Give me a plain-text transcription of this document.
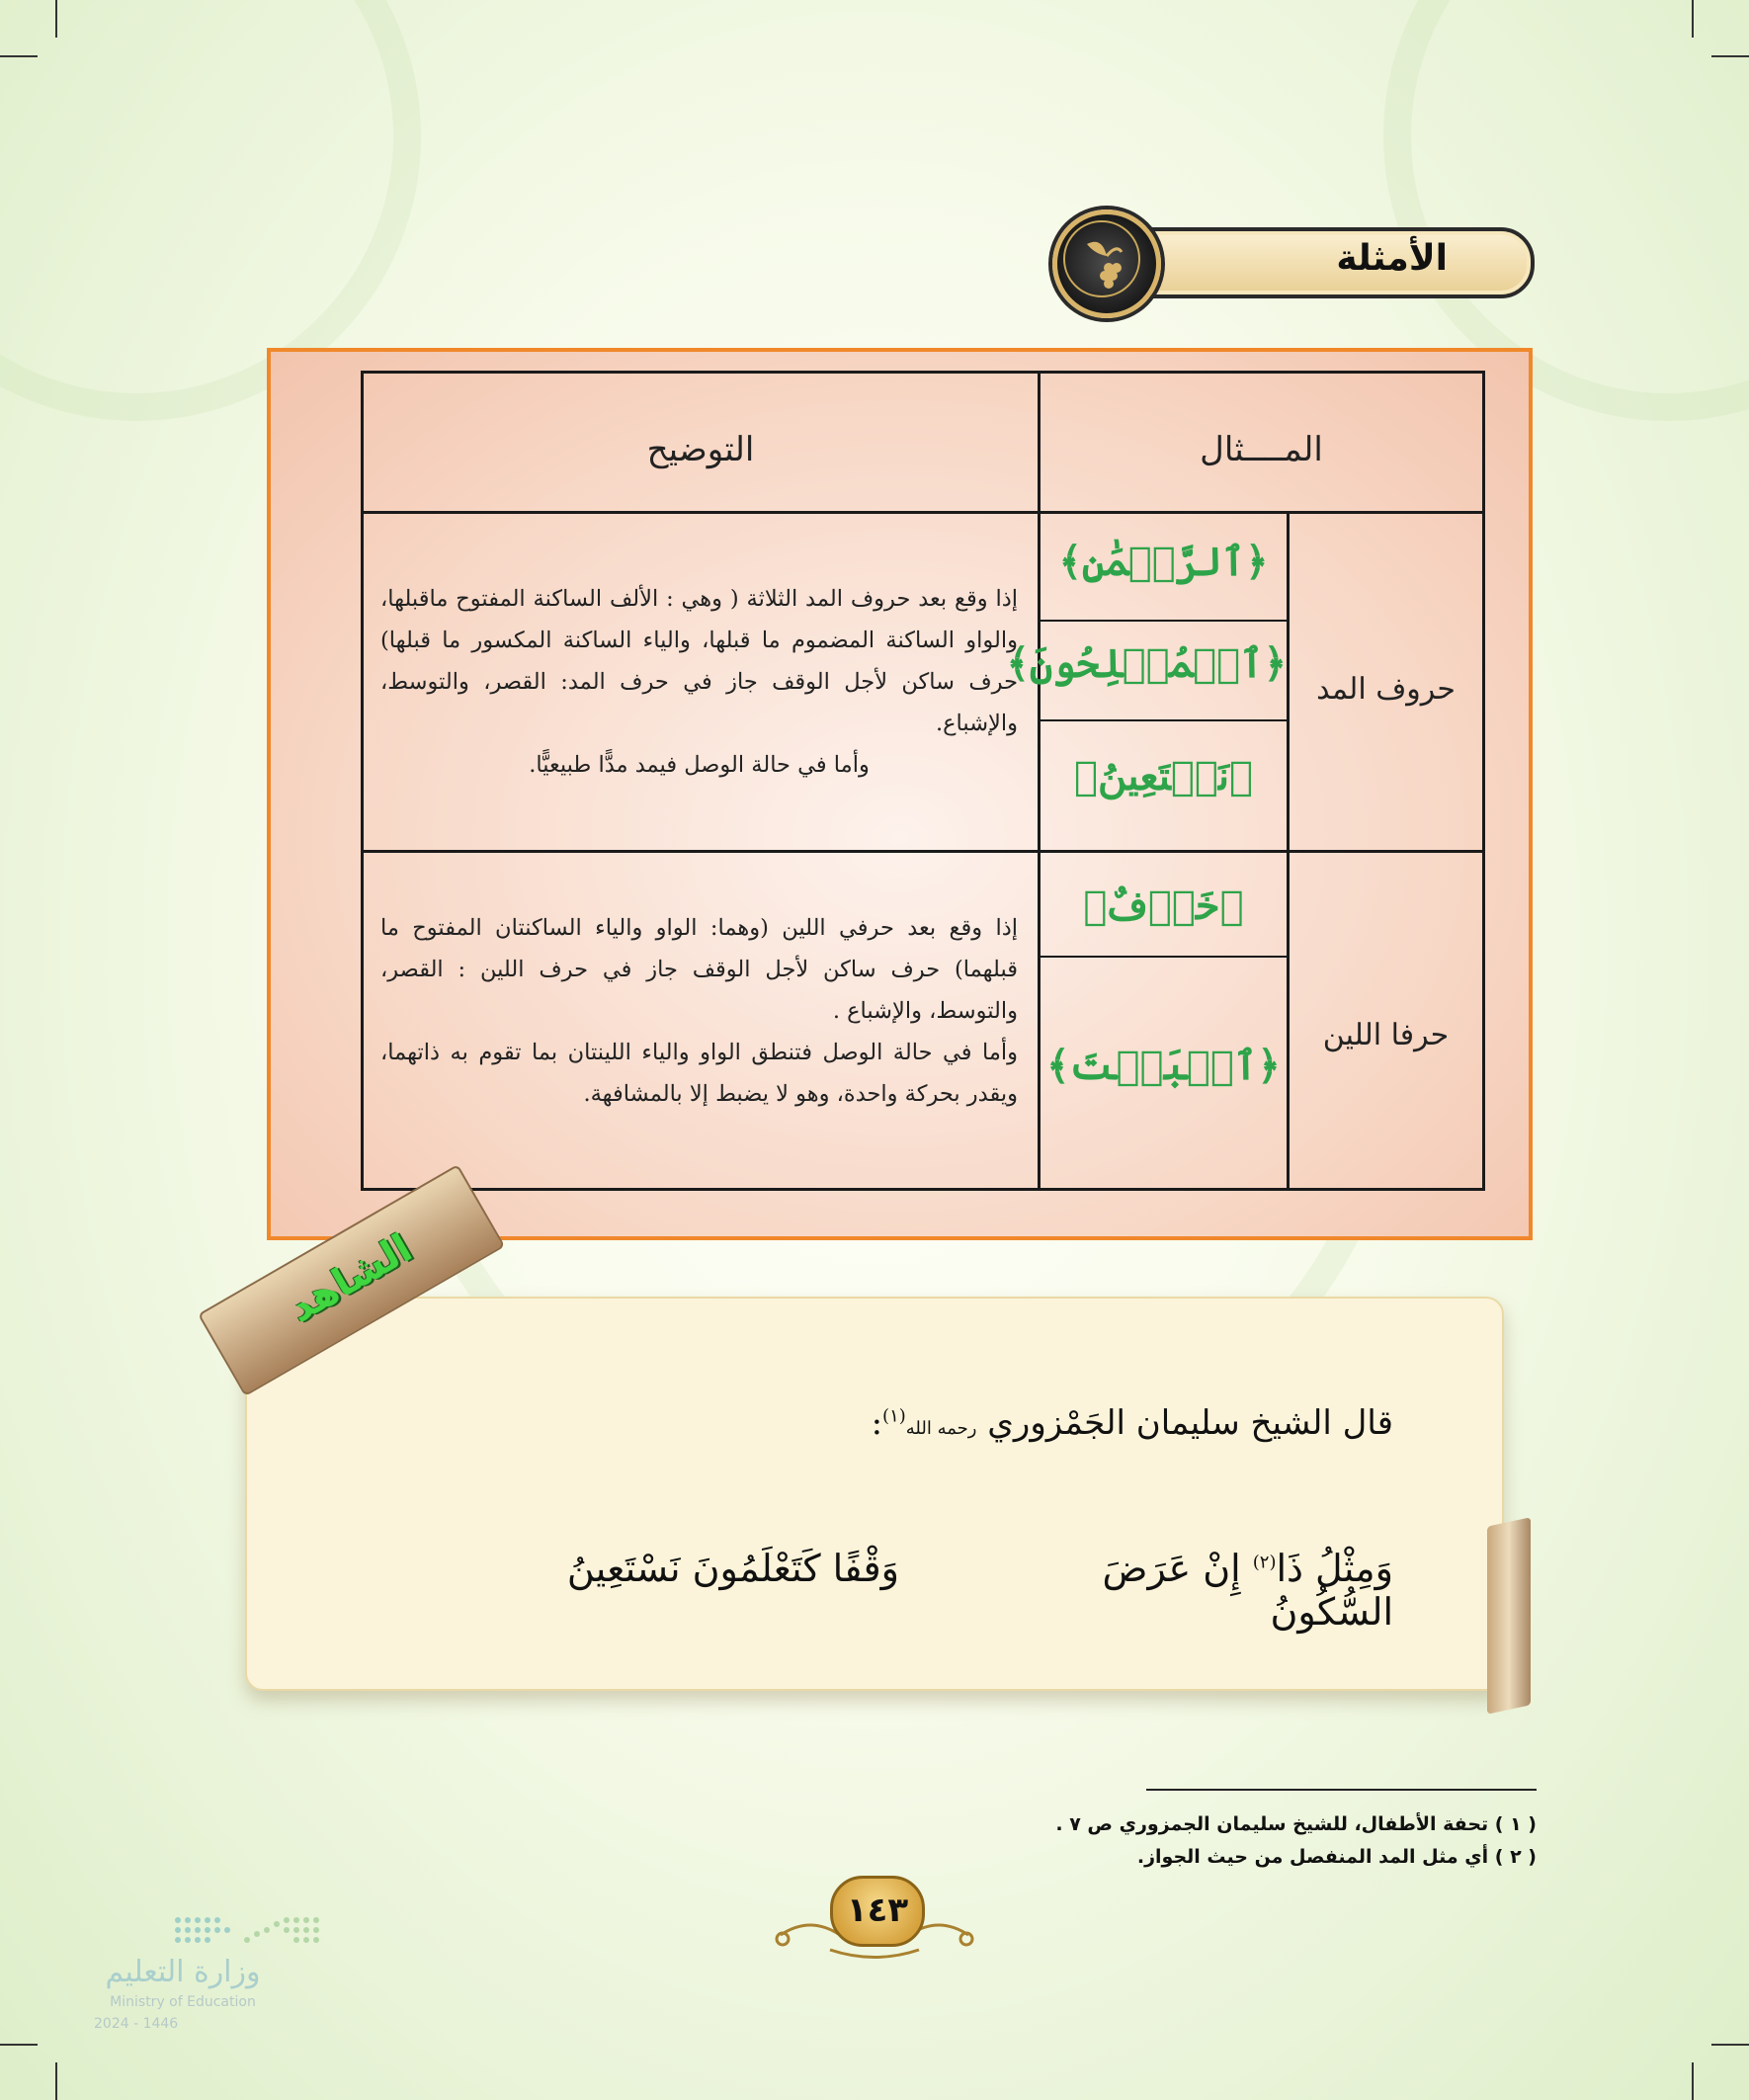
الأمثلة
المــــثال
التوضيح
حروف المد
﴿ٱلرَّحۡمَٰنِ﴾
﴿ٱلۡمُفۡلِحُونَ﴾
﴿نَسۡتَعِينُ﴾

إذا وقع بعد حروف المد الثلاثة ( وهي : الألف الساكنة المفتوح ماقبلها، والواو الساكنة المضموم ما قبلها، والياء الساكنة المكسور ما قبلها) حرف ساكن لأجل الوقف جاز في حرف المد: القصر، والتوسط، والإشباع.

وأما في حالة الوصل فيمد مدًّا طبيعيًّا.

حرفا اللين
﴿خَوۡفٌ﴾
﴿ٱلۡبَيۡتَ﴾

إذا وقع بعد حرفي اللين (وهما: الواو والياء الساكنتان المفتوح ما قبلهما) حرف ساكن لأجل الوقف جاز في حرف اللين : القصر، والتوسط، والإشباع .

وأما في حالة الوصل فتنطق الواو والياء اللينتان بما تقوم به ذاتهما، ويقدر بحركة واحدة، وهو لا يضبط إلا بالمشافهة.

الشاهد
قال الشيخ سليمان الجَمْزوري رحمه الله$^{(١)}$:
وَمِثْلُ ذَا$^{(٢)}$ إِنْ عَرَضَ السُّكُونُ
وَقْفًا كَتَعْلَمُونَ نَسْتَعِينُ
( ١ ) تحفة الأطفال، للشيخ سليمان الجمزوري ص ٧ .
( ٢ ) أي مثل المد المنفصل من حيث الجواز.
١٤٣
وزارة التعليم
Ministry of Education
2024 - 1446
